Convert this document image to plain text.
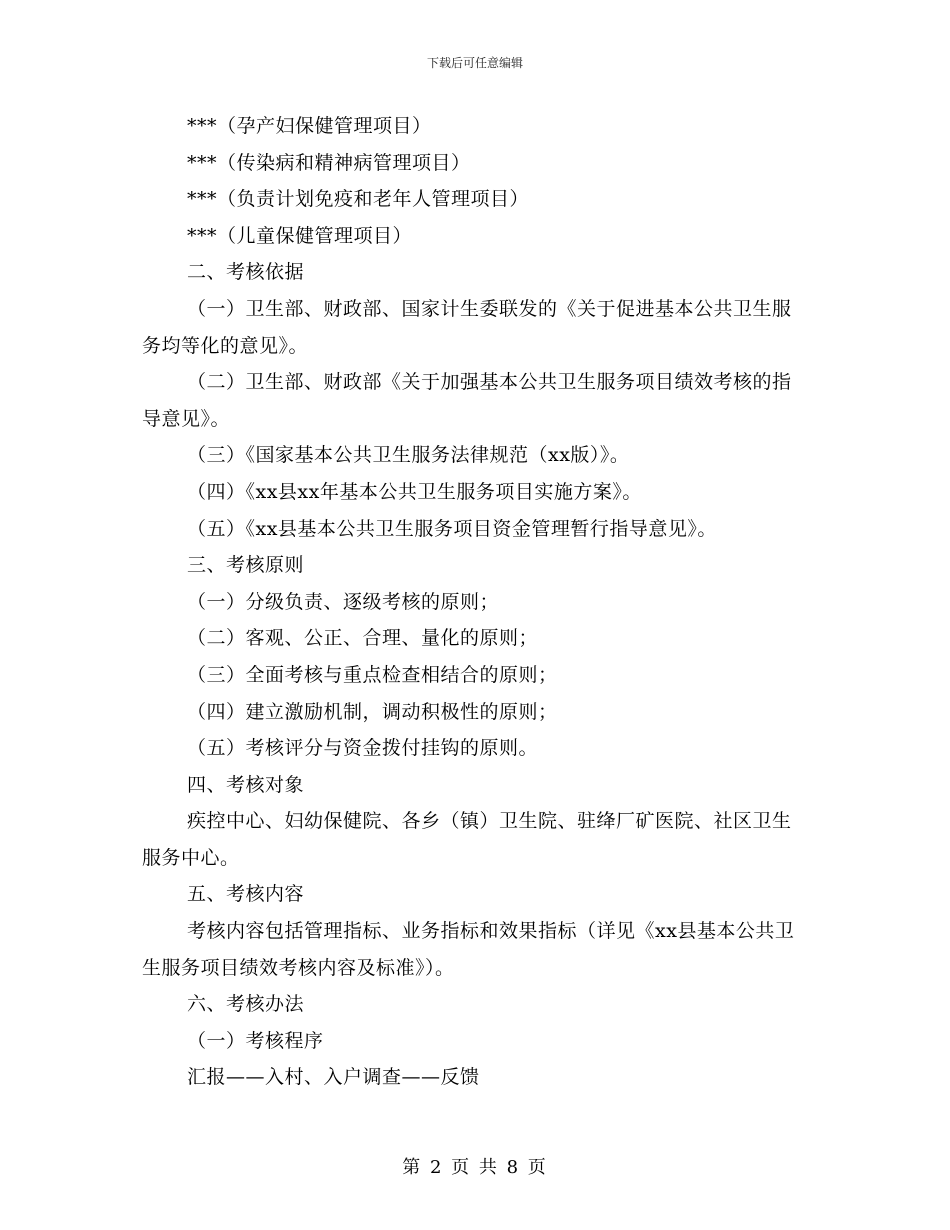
下载后可任意编辑

***（孕产妇保健管理项目）

***（传染病和精神病管理项目）

***（负责计划免疫和老年人管理项目）

***（儿童保健管理项目）

二、考核依据

（一）卫生部、财政部、国家计生委联发的《关于促进基本公共卫生服务均等化的意见》。

（二）卫生部、财政部《关于加强基本公共卫生服务项目绩效考核的指导意见》。

（三）《国家基本公共卫生服务法律规范（xx版）》。

（四）《xx县xx年基本公共卫生服务项目实施方案》。

（五）《xx县基本公共卫生服务项目资金管理暂行指导意见》。

三、考核原则

（一）分级负责、逐级考核的原则；

（二）客观、公正、合理、量化的原则；

（三）全面考核与重点检查相结合的原则；

（四）建立激励机制，调动积极性的原则；

（五）考核评分与资金拨付挂钩的原则。

四、考核对象

疾控中心、妇幼保健院、各乡（镇）卫生院、驻绛厂矿医院、社区卫生服务中心。

五、考核内容

考核内容包括管理指标、业务指标和效果指标（详见《xx县基本公共卫生服务项目绩效考核内容及标准》）。

六、考核办法

（一）考核程序

汇报——入村、入户调查——反馈

第 2 页 共 8 页
